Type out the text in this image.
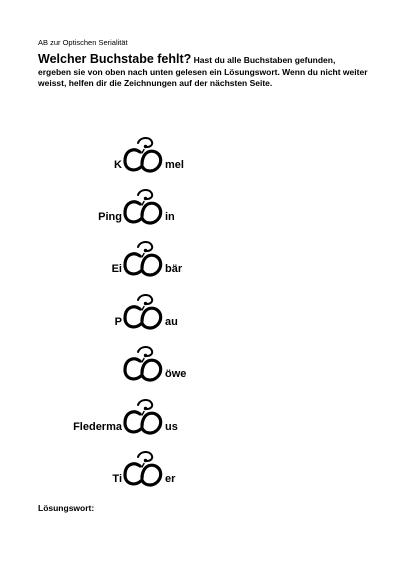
AB zur Optischen Serialität
Welcher Buchstabe fehlt? Hast du alle Buchstaben gefunden, ergeben sie von oben nach unten gelesen ein Lösungswort. Wenn du nicht weiter weisst, helfen dir die Zeichnungen auf der nächsten Seite.
K	mel
Ping	in
Ei	bär
P	au
öwe
Flederma	us
Ti	er
Lösungswort:
